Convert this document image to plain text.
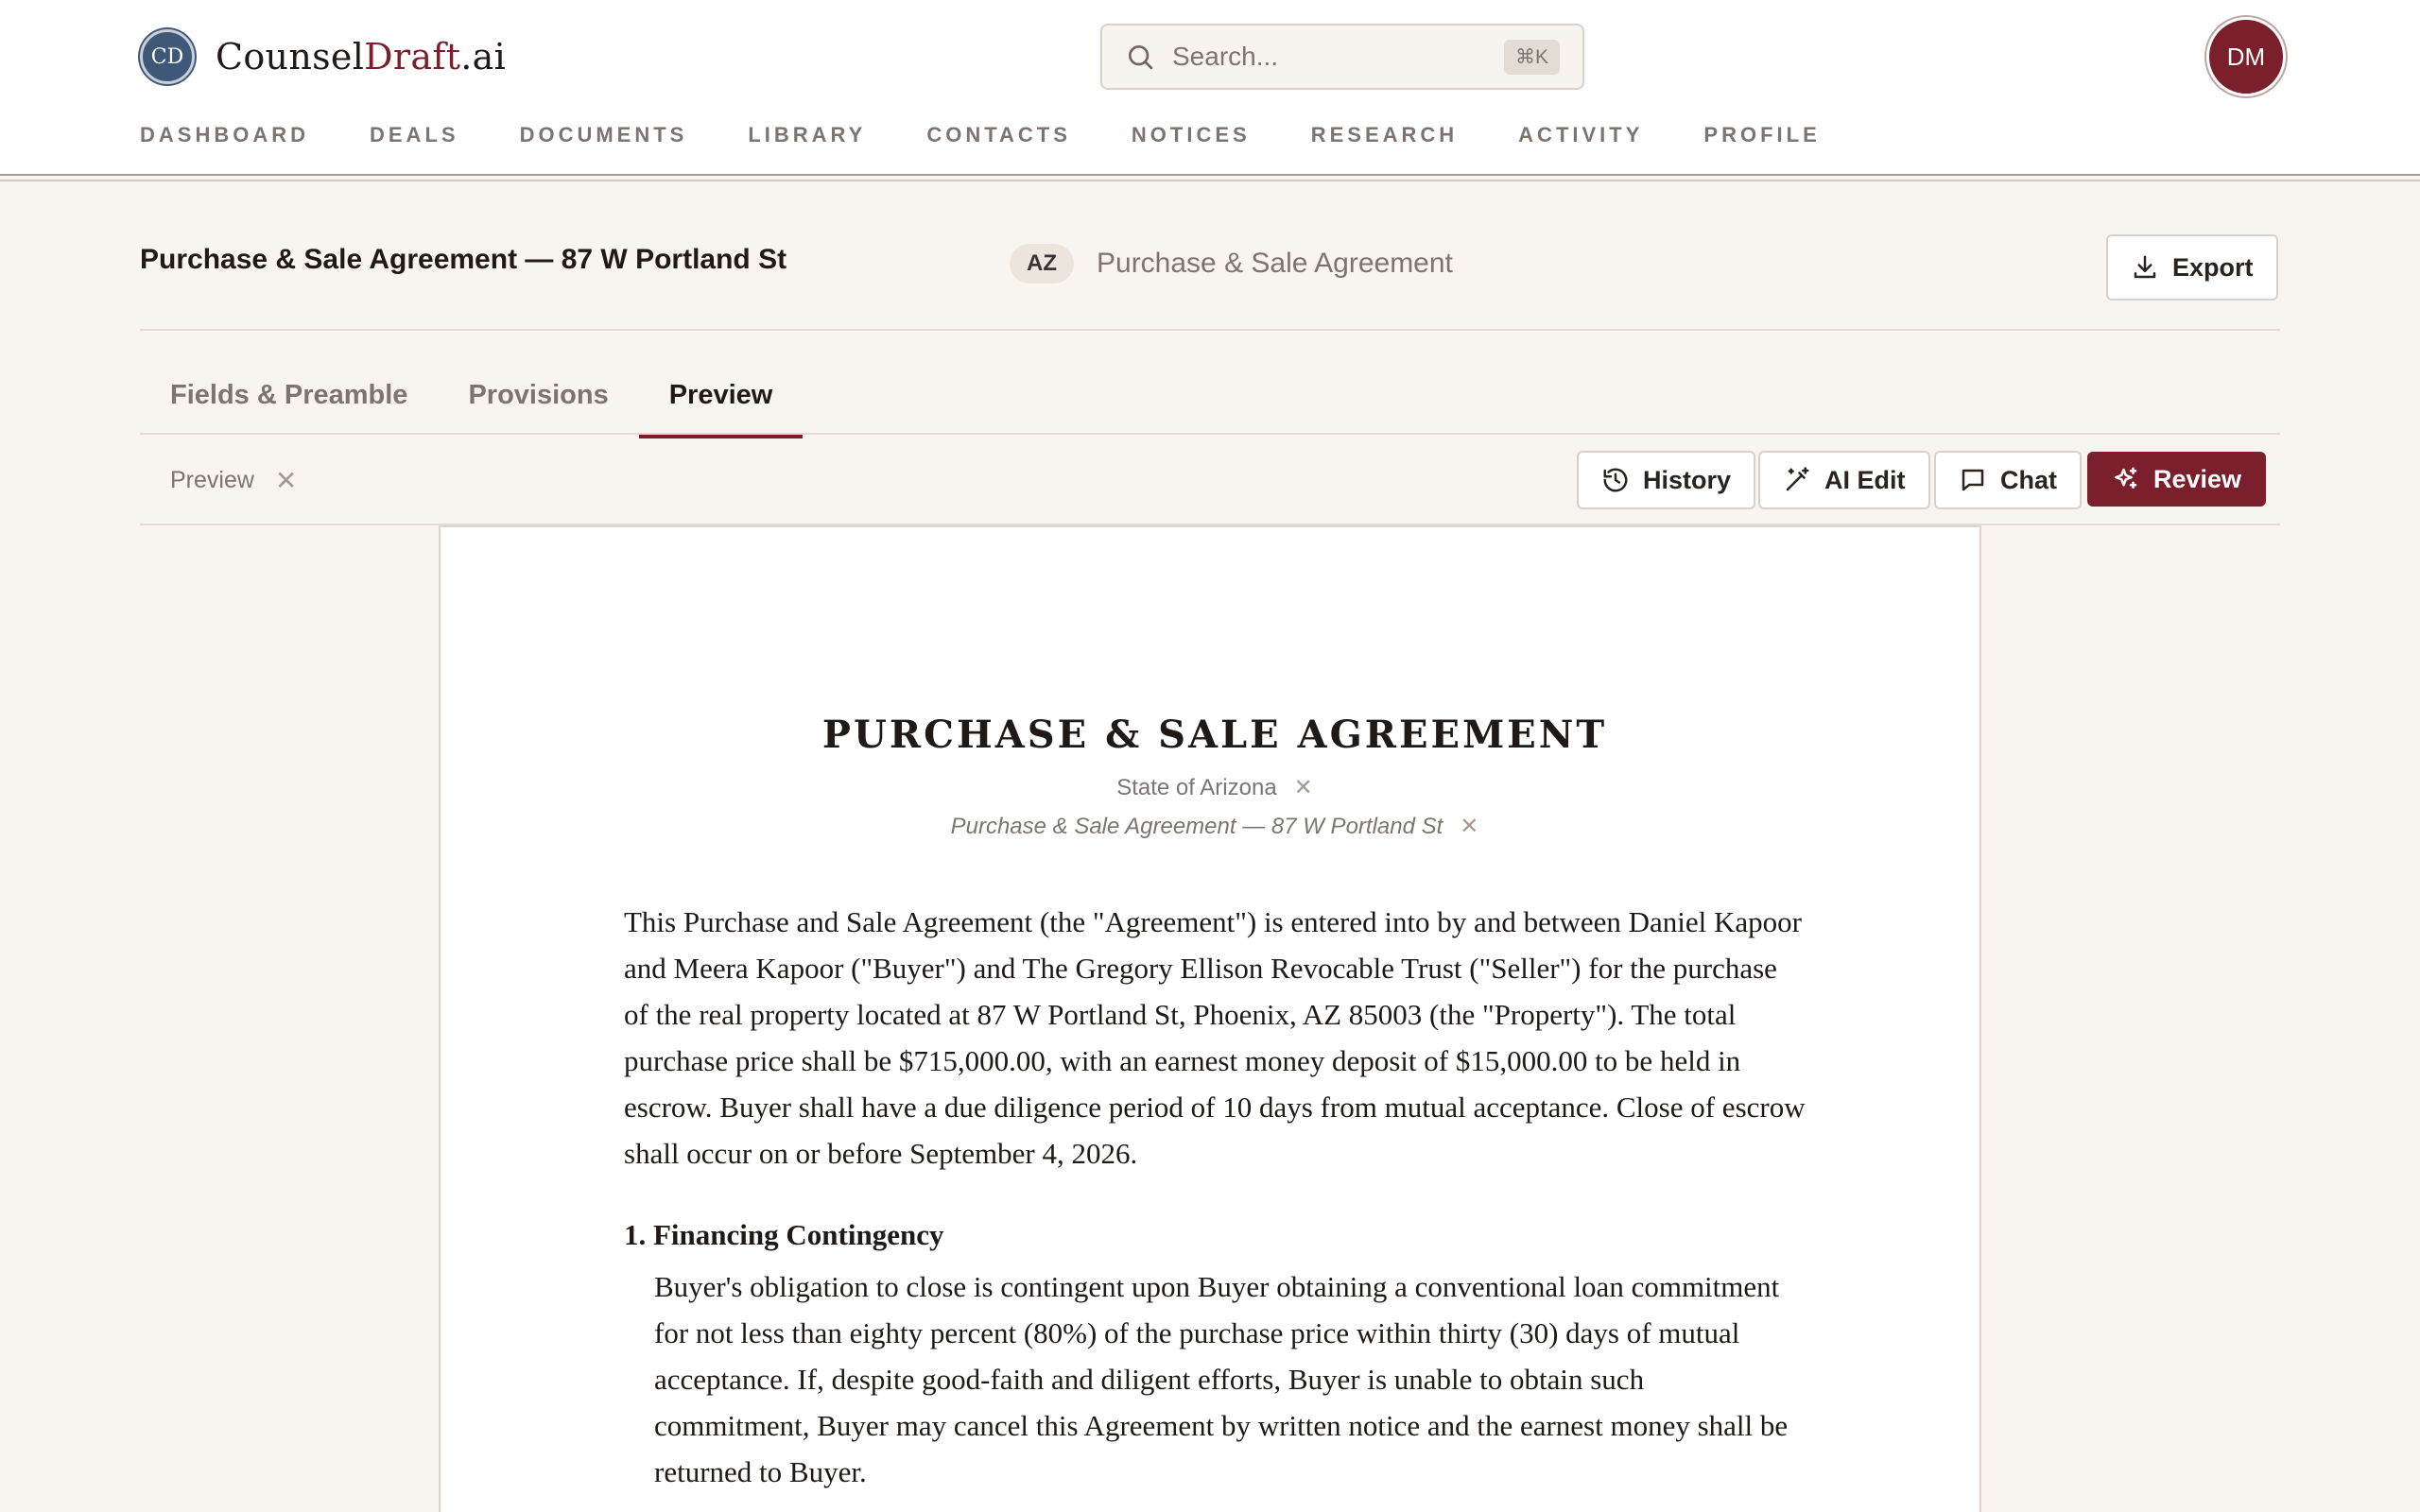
CD CounselDraft.ai	Search...	⌘K	DM
DASHBOARD	DEALS	DOCUMENTS	LIBRARY	CONTACTS	NOTICES	RESEARCH	ACTIVITY	PROFILE
Purchase & Sale Agreement — 87 W Portland St	AZ	Purchase & Sale Agreement	Export
Fields & Preamble	Provisions	Preview
Preview ✕	History	AI Edit	Chat	Review
PURCHASE & SALE AGREEMENT
State of Arizona ✕
Purchase & Sale Agreement — 87 W Portland St ✕

This Purchase and Sale Agreement (the "Agreement") is entered into by and between Daniel Kapoor and Meera Kapoor ("Buyer") and The Gregory Ellison Revocable Trust ("Seller") for the purchase of the real property located at 87 W Portland St, Phoenix, AZ 85003 (the "Property"). The total purchase price shall be $715,000.00, with an earnest money deposit of $15,000.00 to be held in escrow. Buyer shall have a due diligence period of 10 days from mutual acceptance. Close of escrow shall occur on or before September 4, 2026.

1. Financing Contingency

Buyer's obligation to close is contingent upon Buyer obtaining a conventional loan commitment for not less than eighty percent (80%) of the purchase price within thirty (30) days of mutual acceptance. If, despite good-faith and diligent efforts, Buyer is unable to obtain such commitment, Buyer may cancel this Agreement by written notice and the earnest money shall be returned to Buyer.
